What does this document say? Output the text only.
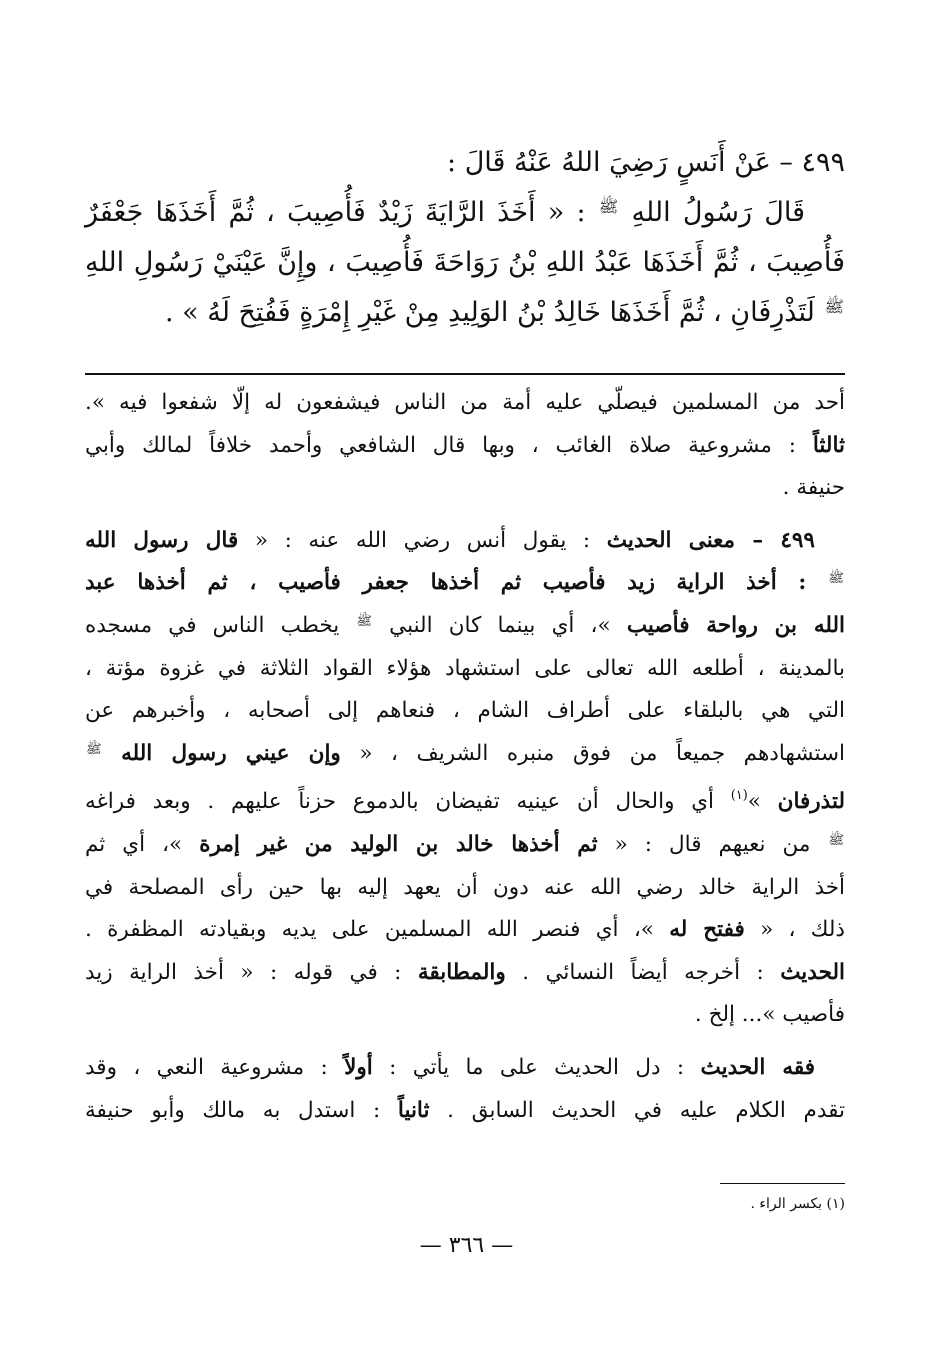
٤٩٩ – عَنْ أَنَسٍ رَضِيَ اللهُ عَنْهُ قَالَ :

قَالَ رَسُولُ اللهِ ﷺ : « أَخَذَ الرَّايَةَ زَيْدٌ فَأُصِيبَ ، ثُمَّ أَخَذَهَا جَعْفَرٌ

فَأُصِيبَ ، ثُمَّ أَخَذَهَا عَبْدُ اللهِ بْنُ رَوَاحَةَ فَأُصِيبَ ، وإِنَّ عَيْنَيْ رَسُولِ اللهِ

ﷺ لَتَذْرِفَانِ ، ثُمَّ أَخَذَهَا خَالِدُ بْنُ الوَلِيدِ مِنْ غَيْرِ إِمْرَةٍ فَفُتِحَ لَهُ » .

أحد من المسلمين فيصلّي عليه أمة من الناس فيشفعون له إلّا شفعوا فيه ».

ثالثاً : مشروعية صلاة الغائب ، وبها قال الشافعي وأحمد خلافاً لمالك وأبي

حنيفة .

٤٩٩ – معنى الحديث : يقول أنس رضي الله عنه : « قال رسول الله

ﷺ : أخذ الراية زيد فأصيب ثم أخذها جعفر فأصيب ، ثم أخذها عبد

الله بن رواحة فأصيب »، أي بينما كان النبي ﷺ يخطب الناس في مسجده

بالمدينة ، أطلعه الله تعالى على استشهاد هؤلاء القواد الثلاثة في غزوة مؤتة ،

التي هي بالبلقاء على أطراف الشام ، فنعاهم إلى أصحابه ، وأخبرهم عن

استشهادهم جميعاً من فوق منبره الشريف ، « وإن عيني رسول الله ﷺ

لتذرفان »$^{(١)}$ أي والحال أن عينيه تفيضان بالدموع حزناً عليهم . وبعد فراغه

ﷺ من نعيهم قال : « ثم أخذها خالد بن الوليد من غير إمرة »، أي ثم

أخذ الراية خالد رضي الله عنه دون أن يعهد إليه بها حين رأى المصلحة في

ذلك ، « ففتح له »، أي فنصر الله المسلمين على يديه وبقيادته المظفرة .

الحديث : أخرجه أيضاً النسائي . والمطابقة : في قوله : « أخذ الراية زيد

فأصيب »... إلخ .

فقه الحديث : دل الحديث على ما يأتي : أولاً : مشروعية النعي ، وقد

تقدم الكلام عليه في الحديث السابق . ثانياً : استدل به مالك وأبو حنيفة

(١) بكسر الراء .
— ٣٦٦ —
